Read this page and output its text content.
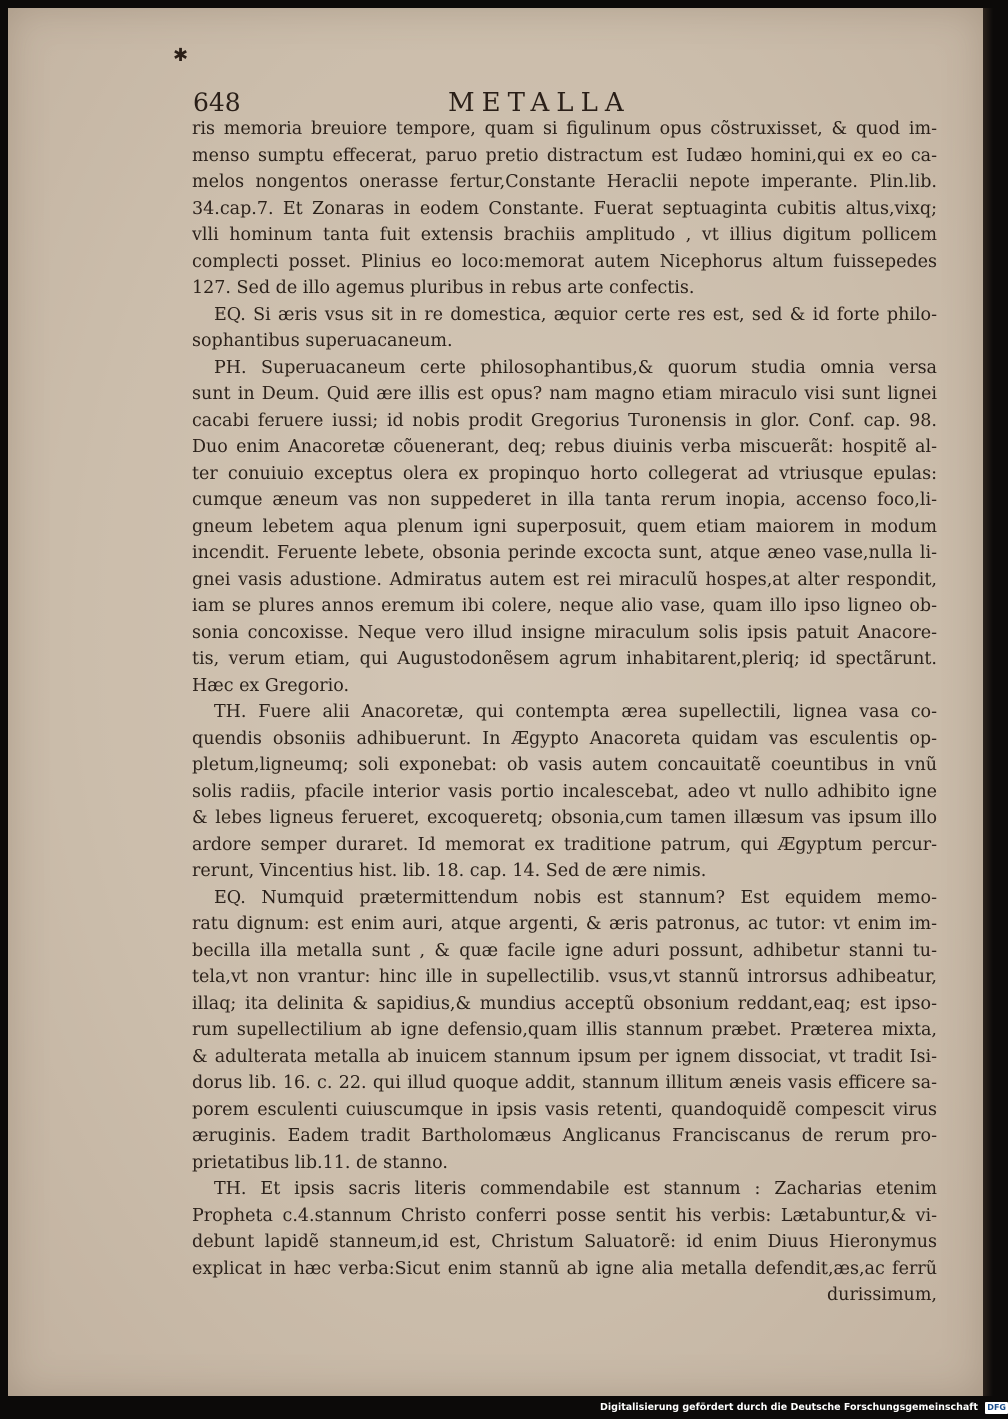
✱
648	METALLA
ris memoria breuiore tempore, quam si figulinum opus cõstruxisset, & quod im-
menso sumptu effecerat, paruo pretio distractum est Iudæo homini,qui ex eo ca-
melos nongentos onerasse fertur,Constante Heraclii nepote imperante. Plin.lib.
34.cap.7. Et Zonaras in eodem Constante. Fuerat septuaginta cubitis altus,vixq;
vlli hominum tanta fuit extensis brachiis amplitudo , vt illius digitum pollicem
complecti posset. Plinius eo loco:memorat autem Nicephorus altum fuissepedes
127. Sed de illo agemus pluribus in rebus arte confectis.
EQ. Si æris vsus sit in re domestica, æquior certe res est, sed & id forte philo-
sophantibus superuacaneum.
PH. Superuacaneum certe philosophantibus,& quorum studia omnia versa
sunt in Deum. Quid ære illis est opus? nam magno etiam miraculo visi sunt lignei
cacabi feruere iussi; id nobis prodit Gregorius Turonensis in glor. Conf. cap. 98.
Duo enim Anacoretæ cõuenerant, deq; rebus diuinis verba miscuerãt: hospitẽ al-
ter conuiuio exceptus olera ex propinquo horto collegerat ad vtriusque epulas:
cumque æneum vas non suppederet in illa tanta rerum inopia, accenso foco,li-
gneum lebetem aqua plenum igni superposuit, quem etiam maiorem in modum
incendit. Feruente lebete, obsonia perinde excocta sunt, atque æneo vase,nulla li-
gnei vasis adustione. Admiratus autem est rei miraculũ hospes,at alter respondit,
iam se plures annos eremum ibi colere, neque alio vase, quam illo ipso ligneo ob-
sonia concoxisse. Neque vero illud insigne miraculum solis ipsis patuit Anacore-
tis, verum etiam, qui Augustodonẽsem agrum inhabitarent,pleriq; id spectãrunt.
Hæc ex Gregorio.
TH. Fuere alii Anacoretæ, qui contempta ærea supellectili, lignea vasa co-
quendis obsoniis adhibuerunt. In Ægypto Anacoreta quidam vas esculentis op-
pletum,ligneumq; soli exponebat: ob vasis autem concauitatẽ coeuntibus in vnũ
solis radiis, pfacile interior vasis portio incalescebat, adeo vt nullo adhibito igne
& lebes ligneus ferueret, excoqueretq; obsonia,cum tamen illæsum vas ipsum illo
ardore semper duraret. Id memorat ex traditione patrum, qui Ægyptum percur-
rerunt, Vincentius hist. lib. 18. cap. 14. Sed de ære nimis.
EQ. Numquid prætermittendum nobis est stannum? Est equidem memo-
ratu dignum: est enim auri, atque argenti, & æris patronus, ac tutor: vt enim im-
becilla illa metalla sunt , & quæ facile igne aduri possunt, adhibetur stanni tu-
tela,vt non vrantur: hinc ille in supellectilib. vsus,vt stannũ introrsus adhibeatur,
illaq; ita delinita & sapidius,& mundius acceptũ obsonium reddant,eaq; est ipso-
rum supellectilium ab igne defensio,quam illis stannum præbet. Præterea mixta,
& adulterata metalla ab inuicem stannum ipsum per ignem dissociat, vt tradit Isi-
dorus lib. 16. c. 22. qui illud quoque addit, stannum illitum æneis vasis efficere sa-
porem esculenti cuiuscumque in ipsis vasis retenti, quandoquidẽ compescit virus
æruginis. Eadem tradit Bartholomæus Anglicanus Franciscanus de rerum pro-
prietatibus lib.11. de stanno.
TH. Et ipsis sacris literis commendabile est stannum : Zacharias etenim
Propheta c.4.stannum Christo conferri posse sentit his verbis: Lætabuntur,& vi-
debunt lapidẽ stanneum,id est, Christum Saluatorẽ: id enim Diuus Hieronymus
explicat in hæc verba:Sicut enim stannũ ab igne alia metalla defendit,æs,ac ferrũ
durissimum,
Digitalisierung gefördert durch die Deutsche Forschungsgemeinschaft DFG
